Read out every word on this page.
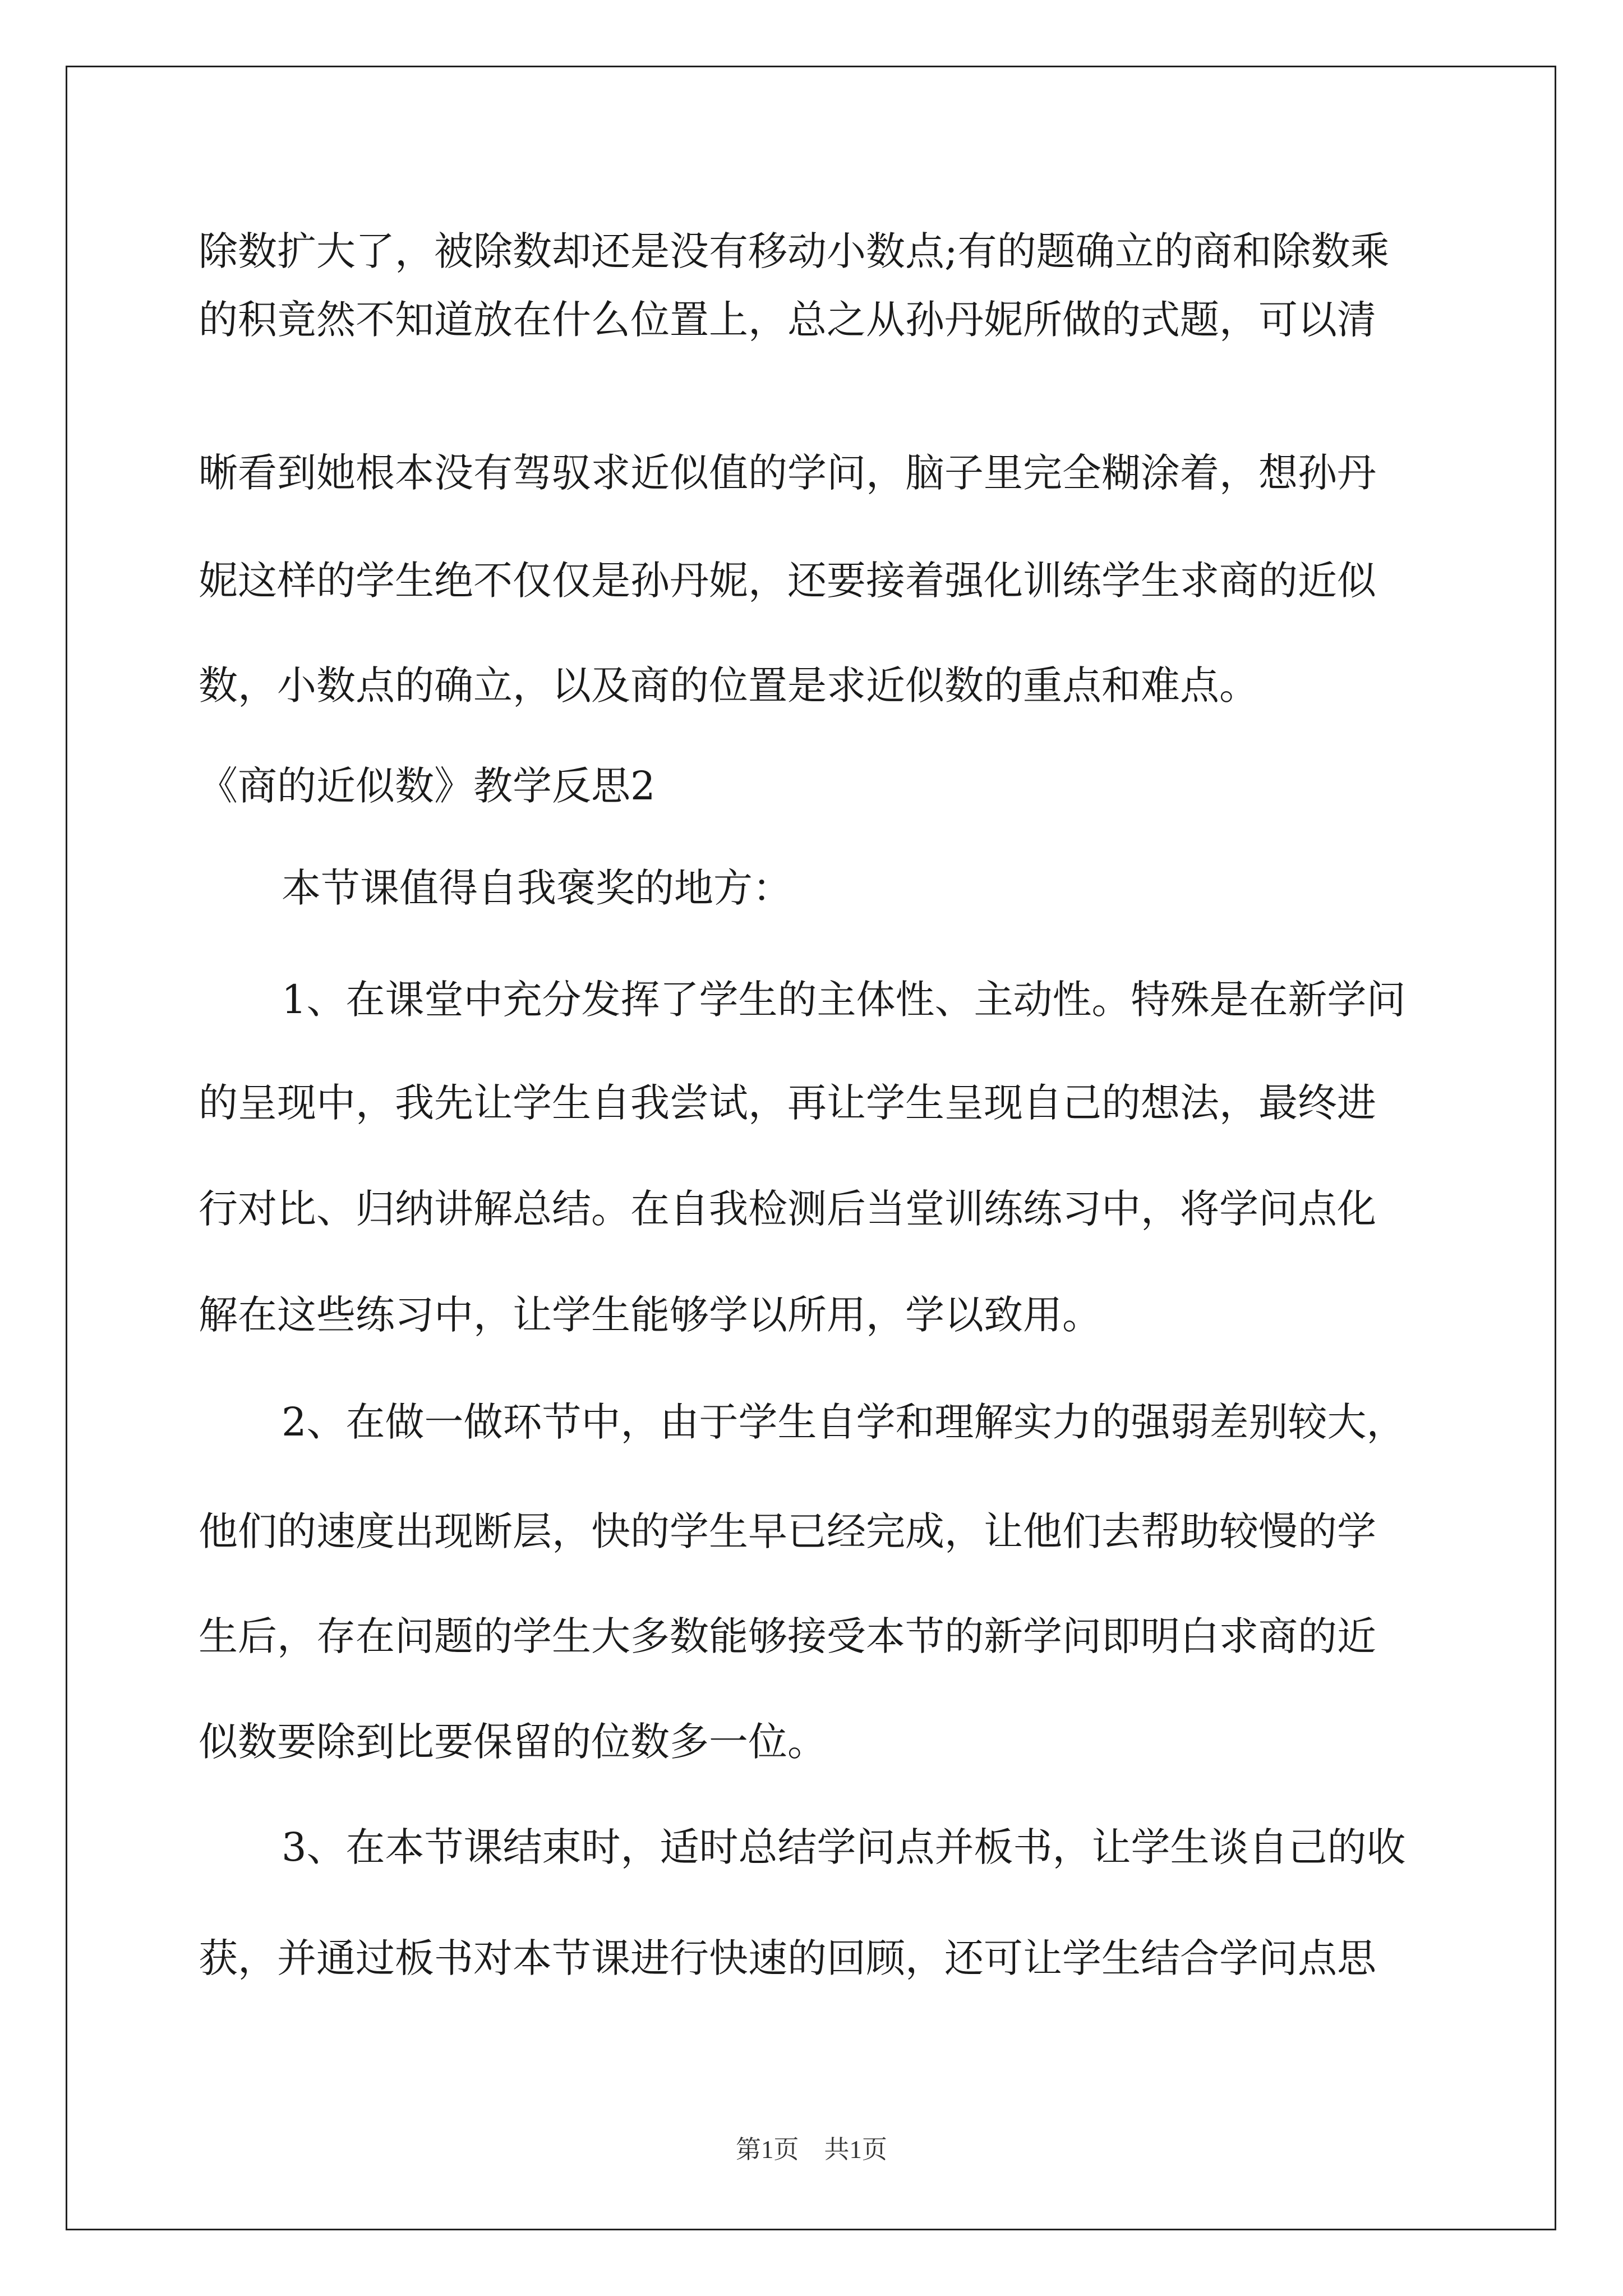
除数扩大了，被除数却还是没有移动小数点;有的题确立的商和除数乘
的积竟然不知道放在什么位置上，总之从孙丹妮所做的式题，可以清
晰看到她根本没有驾驭求近似值的学问，脑子里完全糊涂着，想孙丹
妮这样的学生绝不仅仅是孙丹妮，还要接着强化训练学生求商的近似
数，小数点的确立，以及商的位置是求近似数的重点和难点。
《商的近似数》教学反思2
本节课值得自我褒奖的地方：
1、在课堂中充分发挥了学生的主体性、主动性。特殊是在新学问
的呈现中，我先让学生自我尝试，再让学生呈现自己的想法，最终进
行对比、归纳讲解总结。在自我检测后当堂训练练习中，将学问点化
解在这些练习中，让学生能够学以所用，学以致用。
2、在做一做环节中，由于学生自学和理解实力的强弱差别较大，
他们的速度出现断层，快的学生早已经完成，让他们去帮助较慢的学
生后，存在问题的学生大多数能够接受本节的新学问即明白求商的近
似数要除到比要保留的位数多一位。
3、在本节课结束时，适时总结学问点并板书，让学生谈自己的收
获，并通过板书对本节课进行快速的回顾，还可让学生结合学问点思
第1页　共1页
